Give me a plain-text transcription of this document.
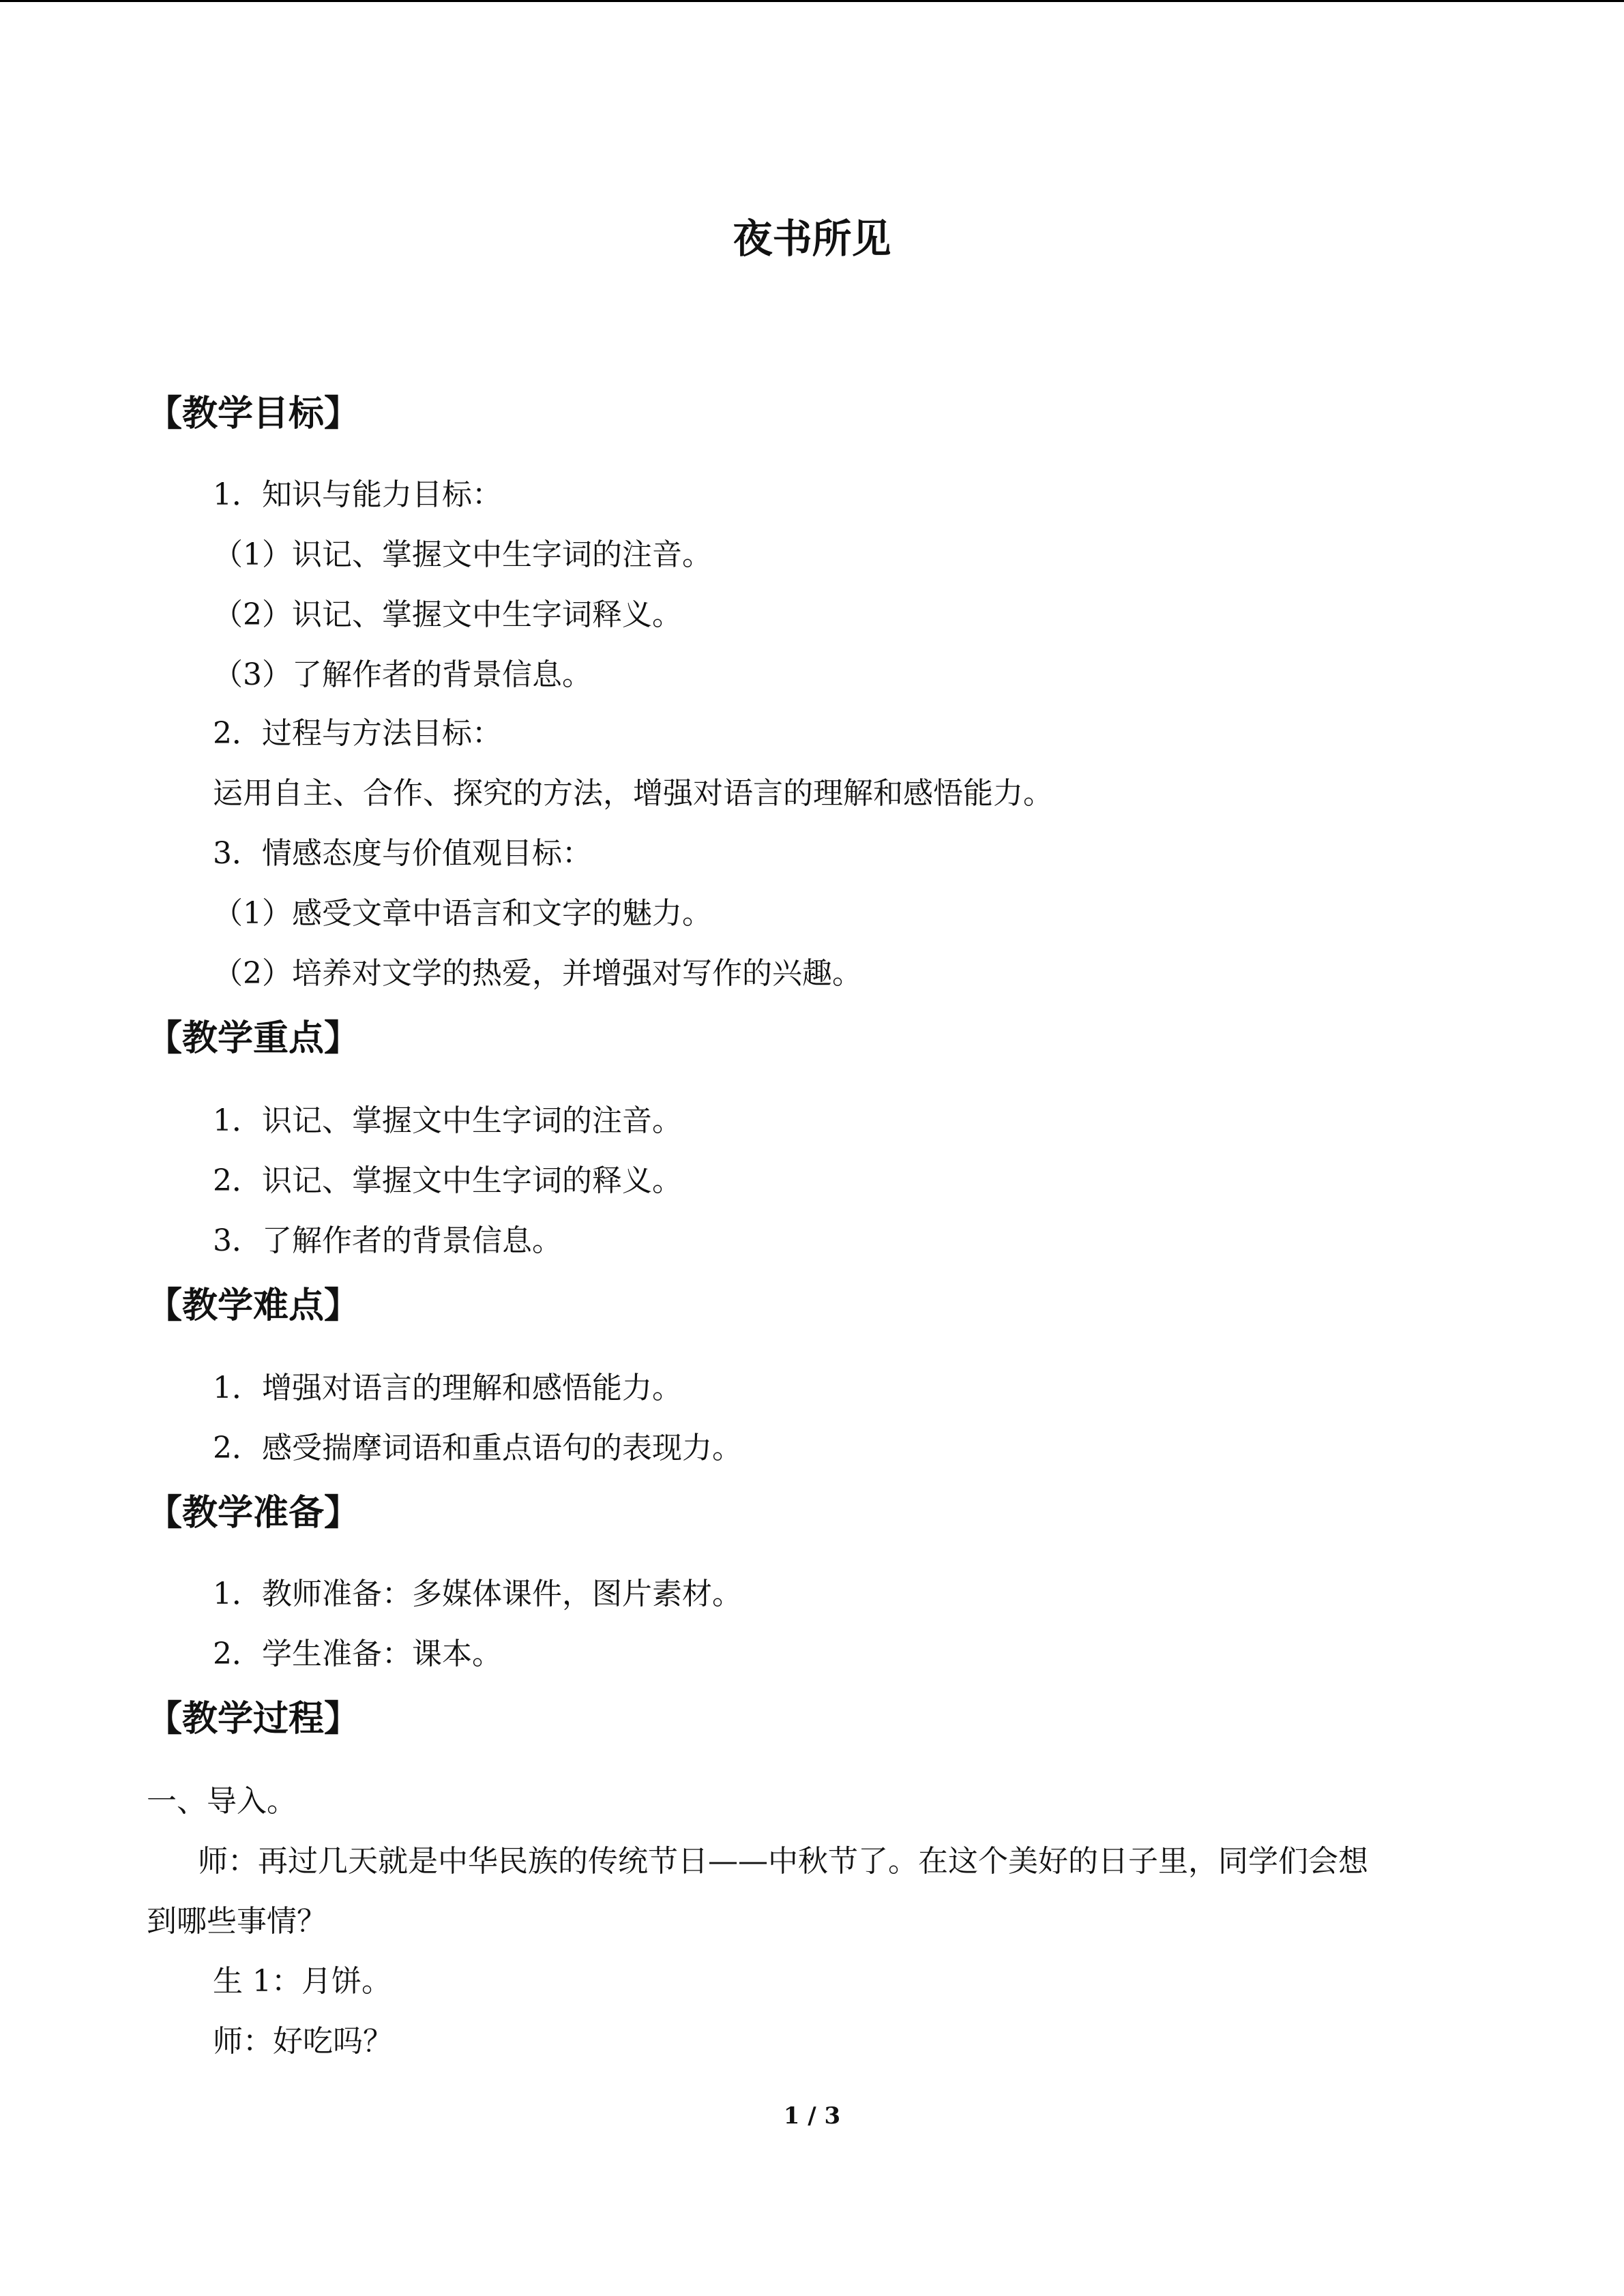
夜书所见
【教学目标】
1．知识与能力目标：
（1）识记、掌握文中生字词的注音。
（2）识记、掌握文中生字词释义。
（3）了解作者的背景信息。
2．过程与方法目标：
运用自主、合作、探究的方法，增强对语言的理解和感悟能力。
3．情感态度与价值观目标：
（1）感受文章中语言和文字的魅力。
（2）培养对文学的热爱，并增强对写作的兴趣。
【教学重点】
1．识记、掌握文中生字词的注音。
2．识记、掌握文中生字词的释义。
3．了解作者的背景信息。
【教学难点】
1．增强对语言的理解和感悟能力。
2．感受揣摩词语和重点语句的表现力。
【教学准备】
1．教师准备：多媒体课件，图片素材。
2．学生准备：课本。
【教学过程】
一、导入。
师：再过几天就是中华民族的传统节日——中秋节了。在这个美好的日子里，同学们会想
到哪些事情？
生 1：月饼。
师：好吃吗？
1 / 3
